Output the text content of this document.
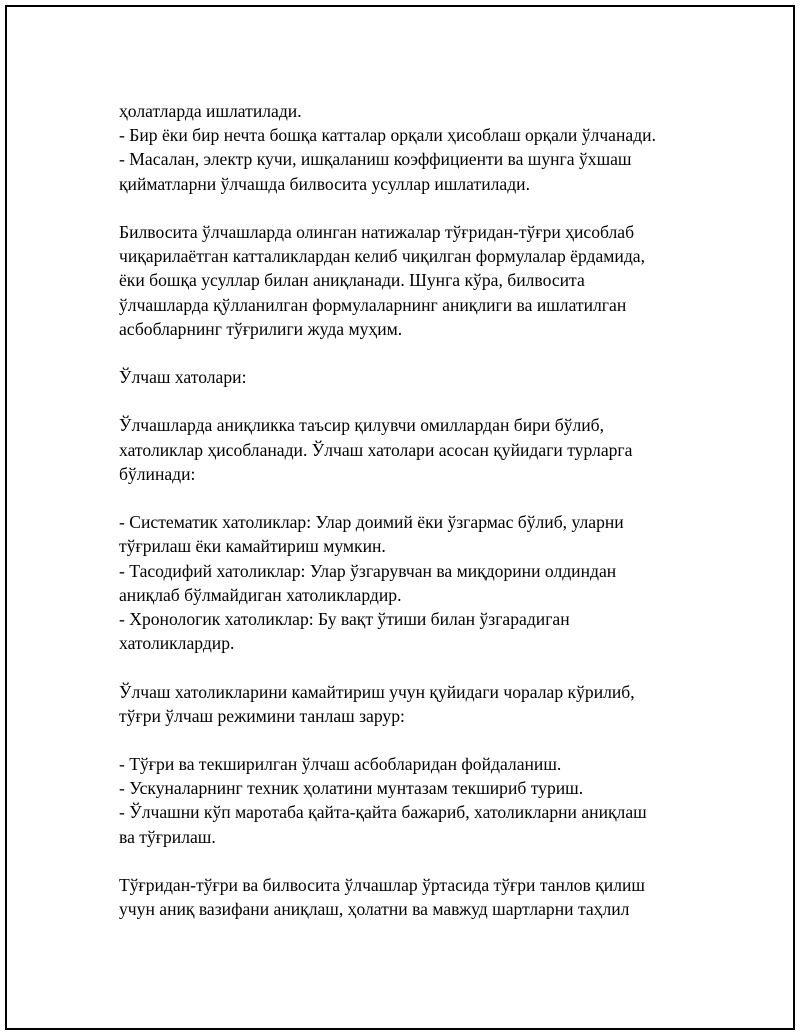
ҳолатларда ишлатилади.
- Бир ёки бир нечта бошқа катталар орқали ҳисоблаш орқали ўлчанади.
- Масалан, электр кучи, ишқаланиш коэффициенти ва шунга ўхшаш
қийматларни ўлчашда билвосита усуллар ишлатилади.
Билвосита ўлчашларда олинган натижалар тўғридан-тўғри ҳисоблаб
чиқарилаётган катталиклардан келиб чиқилган формулалар ёрдамида,
ёки бошқа усуллар билан аниқланади. Шунга кўра, билвосита
ўлчашларда қўлланилган формулаларнинг аниқлиги ва ишлатилган
асбобларнинг тўғрилиги жуда муҳим.
Ўлчаш хатолари:
Ўлчашларда аниқликка таъсир қилувчи омиллардан бири бўлиб,
хатоликлар ҳисобланади. Ўлчаш хатолари асосан қуйидаги турларга
бўлинади:
- Систематик хатоликлар: Улар доимий ёки ўзгармас бўлиб, уларни
тўғрилаш ёки камайтириш мумкин.
- Тасодифий хатоликлар: Улар ўзгарувчан ва миқдорини олдиндан
аниқлаб бўлмайдиган хатоликлардир.
- Хронологик хатоликлар: Бу вақт ўтиши билан ўзгарадиган
хатоликлардир.
Ўлчаш хатоликларини камайтириш учун қуйидаги чоралар кўрилиб,
тўғри ўлчаш режимини танлаш зарур:
- Тўғри ва текширилган ўлчаш асбобларидан фойдаланиш.
- Ускуналарнинг техник ҳолатини мунтазам текшириб туриш.
- Ўлчашни кўп маротаба қайта-қайта бажариб, хатоликларни аниқлаш
ва тўғрилаш.
Тўғридан-тўғри ва билвосита ўлчашлар ўртасида тўғри танлов қилиш
учун аниқ вазифани аниқлаш, ҳолатни ва мавжуд шартларни таҳлил
